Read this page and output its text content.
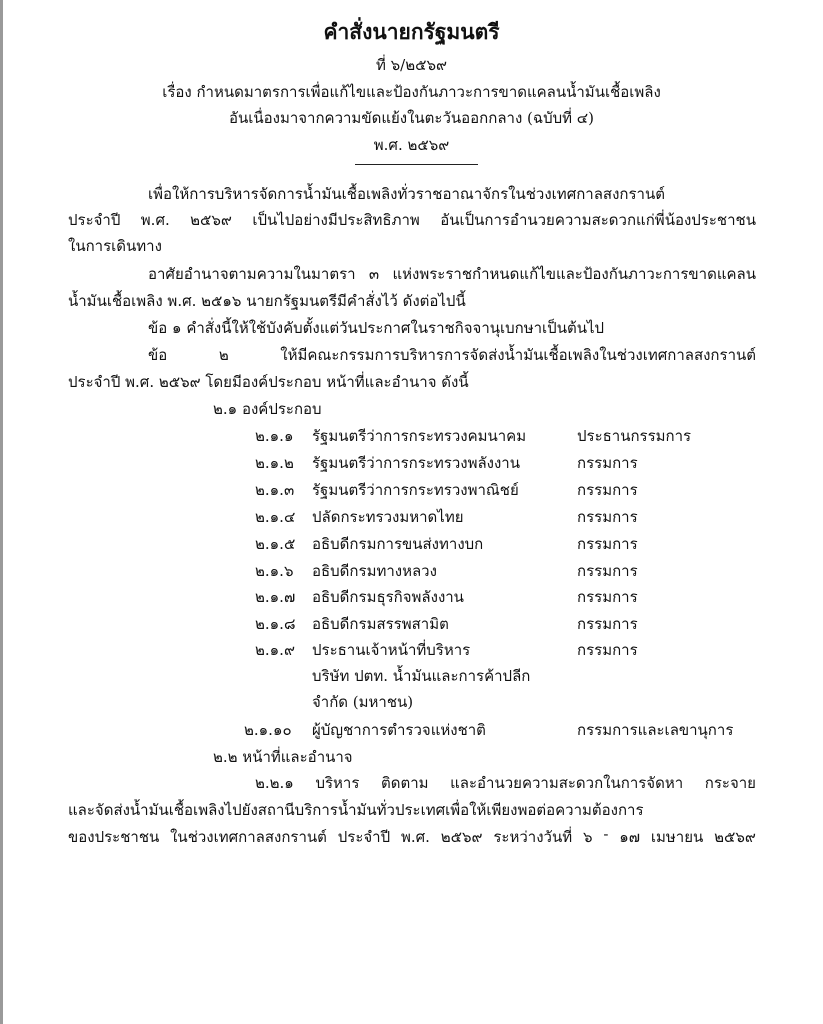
คำสั่งนายกรัฐมนตรี
ที่ ๖/๒๕๖๙
เรื่อง กำหนดมาตรการเพื่อแก้ไขและป้องกันภาวะการขาดแคลนน้ำมันเชื้อเพลิง
อันเนื่องมาจากความขัดแย้งในตะวันออกกลาง (ฉบับที่ ๔)
พ.ศ. ๒๕๖๙
เพื่อให้การบริหารจัดการน้ำมันเชื้อเพลิงทั่วราชอาณาจักรในช่วงเทศกาลสงกรานต์
ประจำปี พ.ศ. ๒๕๖๙ เป็นไปอย่างมีประสิทธิภาพ อันเป็นการอำนวยความสะดวกแก่พี่น้องประชาชน
ในการเดินทาง
อาศัยอำนาจตามความในมาตรา ๓ แห่งพระราชกำหนดแก้ไขและป้องกันภาวะการขาดแคลน
น้ำมันเชื้อเพลิง พ.ศ. ๒๕๑๖ นายกรัฐมนตรีมีคำสั่งไว้ ดังต่อไปนี้
ข้อ ๑ คำสั่งนี้ให้ใช้บังคับตั้งแต่วันประกาศในราชกิจจานุเบกษาเป็นต้นไป
ข้อ	๒	ให้มีคณะกรรมการบริหารการจัดส่งน้ำมันเชื้อเพลิงในช่วงเทศกาลสงกรานต์
ประจำปี พ.ศ. ๒๕๖๙ โดยมีองค์ประกอบ หน้าที่และอำนาจ ดังนี้
๒.๑ องค์ประกอบ
๒.๑.๑ รัฐมนตรีว่าการกระทรวงคมนาคม	ประธานกรรมการ
๒.๑.๒ รัฐมนตรีว่าการกระทรวงพลังงาน	กรรมการ
๒.๑.๓ รัฐมนตรีว่าการกระทรวงพาณิชย์	กรรมการ
๒.๑.๔ ปลัดกระทรวงมหาดไทย	กรรมการ
๒.๑.๕ อธิบดีกรมการขนส่งทางบก	กรรมการ
๒.๑.๖ อธิบดีกรมทางหลวง	กรรมการ
๒.๑.๗ อธิบดีกรมธุรกิจพลังงาน	กรรมการ
๒.๑.๘ อธิบดีกรมสรรพสามิต	กรรมการ
๒.๑.๙ ประธานเจ้าหน้าที่บริหาร	กรรมการ
บริษัท ปตท. น้ำมันและการค้าปลีก
จำกัด (มหาชน)
๒.๑.๑๐ ผู้บัญชาการตำรวจแห่งชาติ	กรรมการและเลขานุการ
๒.๒ หน้าที่และอำนาจ
๒.๒.๑ บริหาร ติดตาม และอำนวยความสะดวกในการจัดหา กระจาย
และจัดส่งน้ำมันเชื้อเพลิงไปยังสถานีบริการน้ำมันทั่วประเทศเพื่อให้เพียงพอต่อความต้องการ
ของประชาชน ในช่วงเทศกาลสงกรานต์ ประจำปี พ.ศ. ๒๕๖๙ ระหว่างวันที่ ๖ - ๑๗ เมษายน ๒๕๖๙
